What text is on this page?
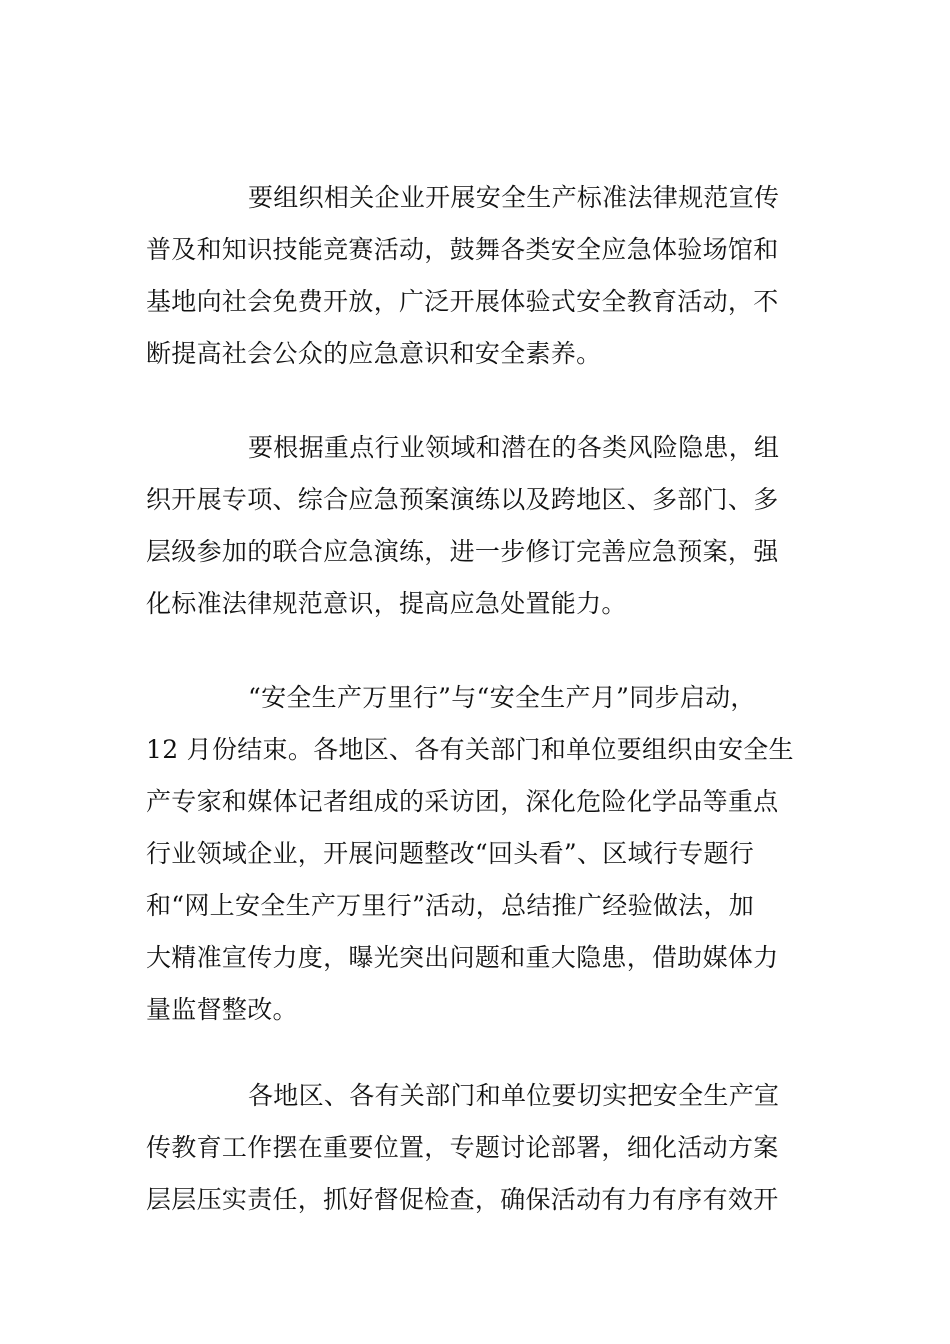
要组织相关企业开展安全生产标准法律规范宣传
普及和知识技能竞赛活动，鼓舞各类安全应急体验场馆和
基地向社会免费开放，广泛开展体验式安全教育活动，不
断提高社会公众的应急意识和安全素养。

要根据重点行业领域和潜在的各类风险隐患，组
织开展专项、综合应急预案演练以及跨地区、多部门、多
层级参加的联合应急演练，进一步修订完善应急预案，强
化标准法律规范意识，提高应急处置能力。

“安全生产万里行”与“安全生产月”同步启动，
12 月份结束。各地区、各有关部门和单位要组织由安全生
产专家和媒体记者组成的采访团，深化危险化学品等重点
行业领域企业，开展问题整改“回头看”、区域行专题行
和“网上安全生产万里行”活动，总结推广经验做法，加
大精准宣传力度，曝光突出问题和重大隐患，借助媒体力
量监督整改。

各地区、各有关部门和单位要切实把安全生产宣
传教育工作摆在重要位置，专题讨论部署，细化活动方案
层层压实责任，抓好督促检查，确保活动有力有序有效开
